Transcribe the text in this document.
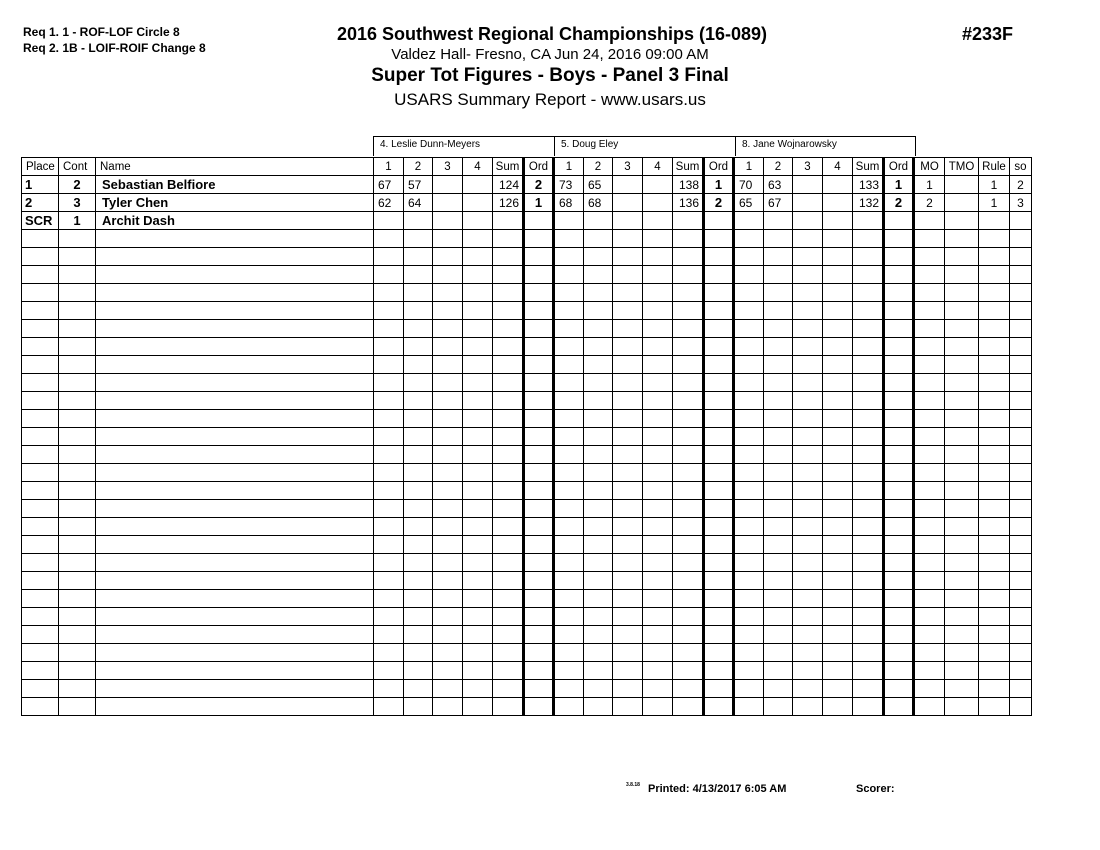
Req 1. 1 - ROF-LOF Circle 8
Req 2. 1B - LOIF-ROIF Change 8
2016 Southwest Regional Championships (16-089)
Valdez Hall- Fresno, CA Jun 24, 2016 09:00 AM
Super Tot Figures - Boys - Panel 3 Final
USARS Summary Report - www.usars.us
#233F
4. Leslie Dunn-Meyers	5. Doug Eley	8. Jane Wojnarowsky
Place	Cont	Name	1	2	3	4	Sum	Ord	1	2	3	4	Sum	Ord	1	2	3	4	Sum	Ord	MO	TMO	Rule	so
1	2	Sebastian Belfiore	67	57			124	2	73	65			138	1	70	63			133	1	1		1	2
2	3	Tyler Chen	62	64			126	1	68	68			136	2	65	67			132	2	2		1	3
SCR	1	Archit Dash																						

3.8.18 Printed: 4/13/2017 6:05 AM	Scorer:
